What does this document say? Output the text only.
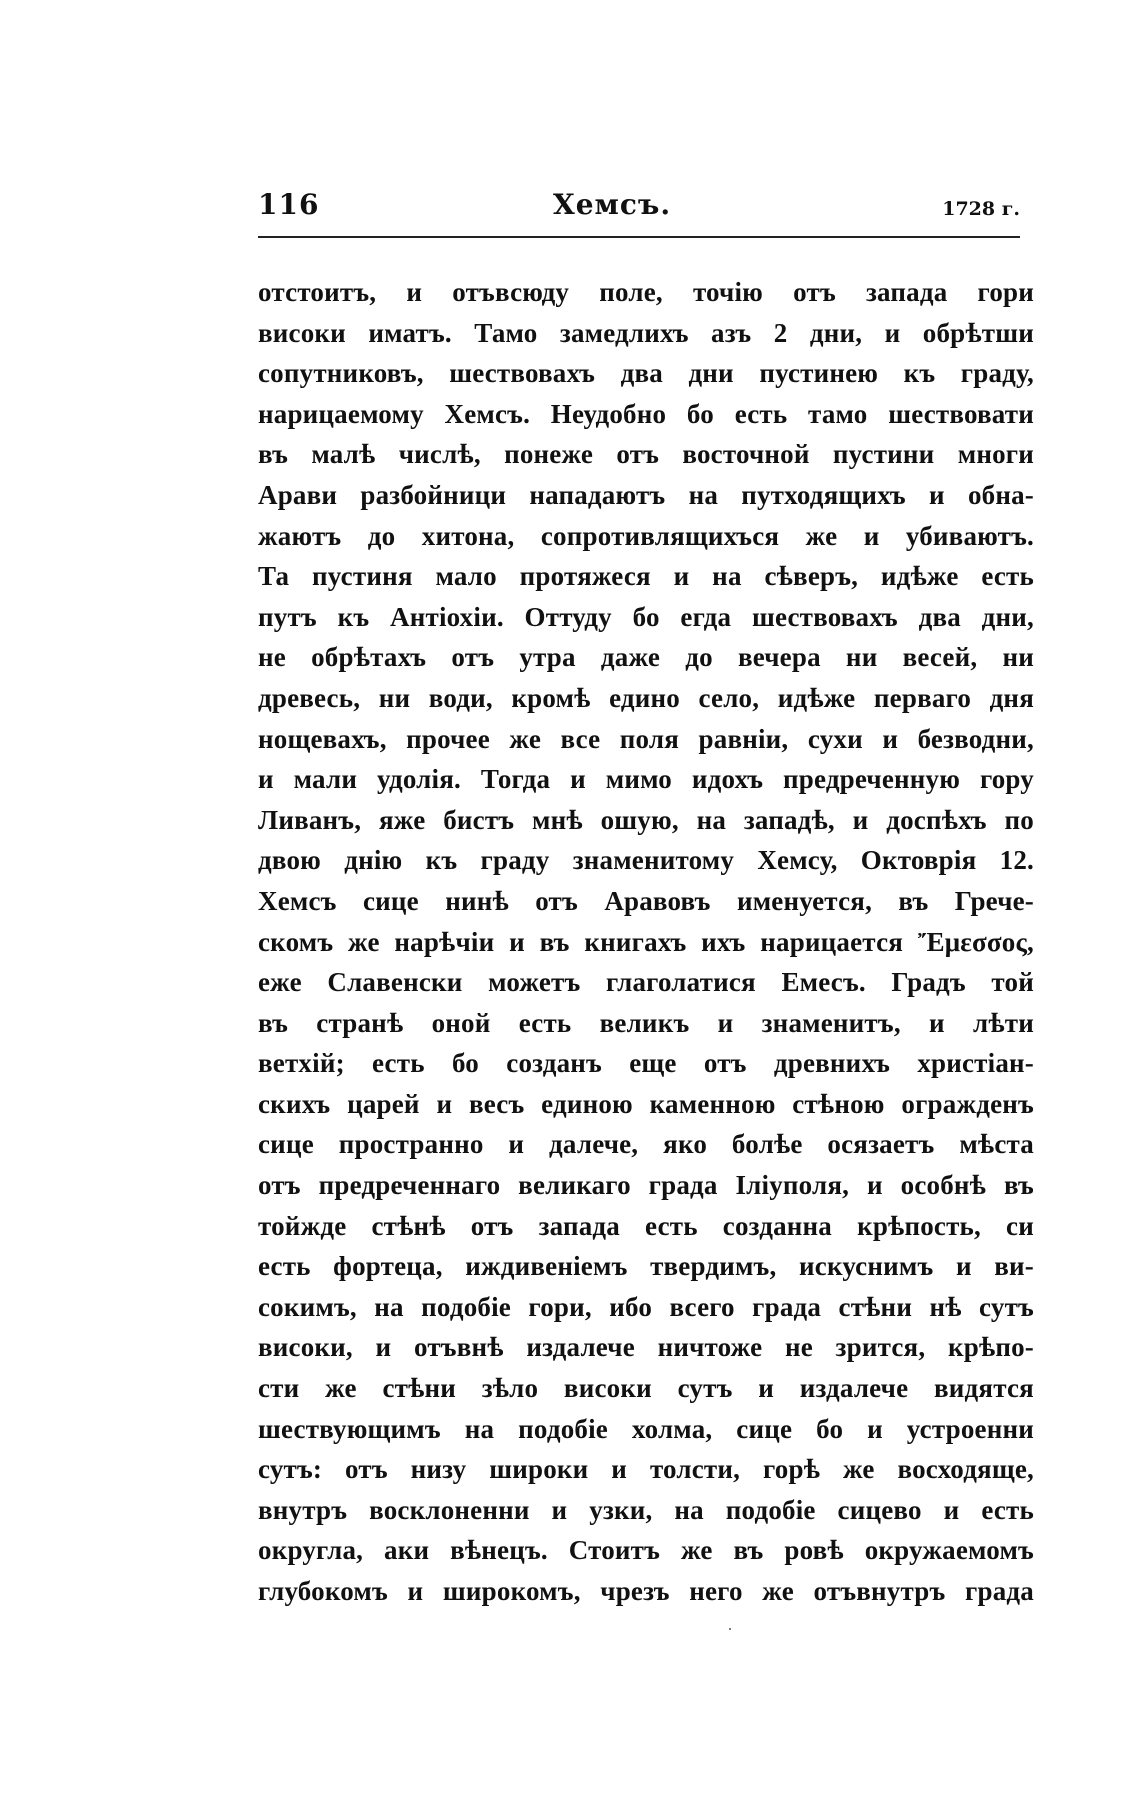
116	Хемсъ.	1728 г.
отстоитъ, и отъвсюду поле, точію отъ запада гори
високи иматъ. Тамо замедлихъ азъ 2 дни, и обрѣтши
сопутниковъ, шествовахъ два дни пустинею къ граду,
нарицаемому Хемсъ. Неудобно бо есть тамо шествовати
въ малѣ числѣ, понеже отъ восточной пустини многи
Арави разбойници нападаютъ на путходящихъ и обна-
жаютъ до хитона, сопротивлящихъся же и убиваютъ.
Та пустиня мало протяжеся и на сѣверъ, идѣже есть
путъ къ Антіохіи. Оттуду бо егда шествовахъ два дни,
не обрѣтахъ отъ утра даже до вечера ни весей, ни
древесь, ни води, кромѣ едино село, идѣже перваго дня
нощевахъ, прочее же все поля равніи, сухи и безводни,
и мали удолія. Тогда и мимо идохъ предреченную гору
Ливанъ, яже бистъ мнѣ ошую, на западѣ, и доспѣхъ по
двою днію къ граду знаменитому Хемсу, Октоврія 12.
Хемсъ сице нинѣ отъ Аравовъ именуется, въ Грече-
скомъ же нарѣчіи и въ книгахъ ихъ нарицается Ἔμεσσος,
еже Славенски можетъ глаголатися Емесъ. Градъ той
въ странѣ оной есть великъ и знаменитъ, и лѣти
ветхій; есть бо созданъ еще отъ древнихъ христіан-
скихъ царей и весъ единою каменною стѣною огражденъ
сице пространно и далече, яко болѣе осязаетъ мѣста
отъ предреченнаго великаго града Іліуполя, и особнѣ въ
тойжде стѣнѣ отъ запада есть созданна крѣпость, си
есть фортеца, иждивеніемъ твердимъ, искуснимъ и ви-
сокимъ, на подобіе гори, ибо всего града стѣни нѣ сутъ
високи, и отъвнѣ издалече ничтоже не зрится, крѣпо-
сти же стѣни зѣло високи сутъ и издалече видятся
шествующимъ на подобіе холма, сице бо и устроенни
сутъ: отъ низу широки и толсти, горѣ же восходяще,
внутръ восклоненни и узки, на подобіе сицево и есть
округла, аки вѣнецъ. Стоитъ же въ ровѣ окружаемомъ
глубокомъ и широкомъ, чрезъ него же отъвнутръ града
